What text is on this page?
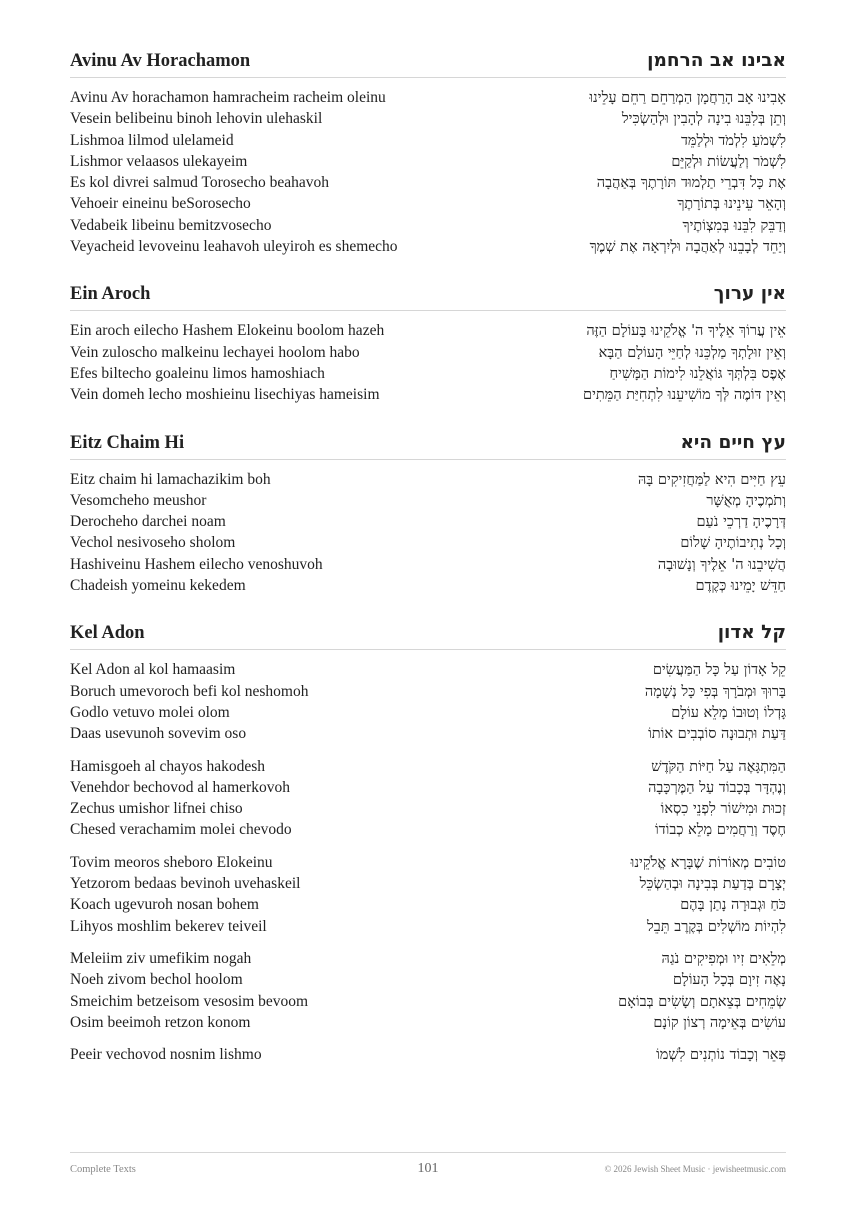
Avinu Av Horachamon	אבינו אב הרחמן
Avinu Av horachamon hamracheim racheim oleinu	אָבִינוּ אָב הָרַחֲמָן הַמְרַחֵם רַחֵם עָלֵינוּ
Vesein belibeinu binoh lehovin ulehaskil	וְתֵן בְּלִבֵּנוּ בִינָה לְהָבִין וּלְהַשְׂכִּיל
Lishmoa lilmod ulelameid	לִשְׁמֹעַ לִלְמֹד וּלְלַמֵּד
Lishmor velaasos ulekayeim	לִשְׁמֹר וְלַעֲשׂוֹת וּלְקַיֵּם
Es kol divrei salmud Torosecho beahavoh	אֶת כָּל דִּבְרֵי תַלְמוּד תּוֹרָתֶךָ בְּאַהֲבָה
Vehoeir eineinu beSorosecho	וְהָאֵר עֵינֵינוּ בְּתוֹרָתֶךָ
Vedabeik libeinu bemitzvosecho	וְדַבֵּק לִבֵּנוּ בְּמִצְוֹתֶיךָ
Veyacheid levoveinu leahavoh uleyiroh es shemecho	וְיַחֵד לְבָבֵנוּ לְאַהֲבָה וּלְיִרְאָה אֶת שְׁמֶךָ
Ein Aroch	אין ערוך
Ein aroch eilecho Hashem Elokeinu boolom hazeh	אֵין עֲרוֹךְ אֵלֶיךָ ה' אֱלֹקֵינוּ בָּעוֹלָם הַזֶּה
Vein zuloscho malkeinu lechayei hoolom habo	וְאֵין זוּלָתְךָ מַלְכֵּנוּ לְחַיֵּי הָעוֹלָם הַבָּא
Efes biltecho goaleinu limos hamoshiach	אֶפֶס בִּלְתְּךָ גּוֹאֲלֵנוּ לִימוֹת הַמָּשִׁיחַ
Vein domeh lecho moshieinu lisechiyas hameisim	וְאֵין דּוֹמֶה לְּךָ מוֹשִׁיעֵנוּ לִתְחִיַּת הַמֵּתִים
Eitz Chaim Hi	עץ חיים היא
Eitz chaim hi lamachazikim boh	עֵץ חַיִּים הִיא לַמַּחֲזִיקִים בָּהּ
Vesomcheho meushor	וְתֹמְכֶיהָ מְאֻשָּׁר
Derocheho darchei noam	דְּרָכֶיהָ דַרְכֵי נֹעַם
Vechol nesivoseho sholom	וְכָל נְתִיבוֹתֶיהָ שָׁלוֹם
Hashiveinu Hashem eilecho venoshuvoh	הֲשִׁיבֵנוּ ה' אֵלֶיךָ וְנָשׁוּבָה
Chadeish yomeinu kekedem	חַדֵּשׁ יָמֵינוּ כְּקֶדֶם
Kel Adon	קל אדון
Kel Adon al kol hamaasim	קֵל אָדוֹן עַל כָּל הַמַּעֲשִׂים
Boruch umevoroch befi kol neshomoh	בָּרוּךְ וּמְבֹרָךְ בְּפִי כָּל נְשָׁמָה
Godlo vetuvo molei olom	גָּדְלוֹ וְטוּבוֹ מָלֵא עוֹלָם
Daas usevunoh sovevim oso	דַּעַת וּתְבוּנָה סוֹבְבִים אוֹתוֹ
Hamisgoeh al chayos hakodesh	הַמִּתְגָּאֶה עַל חַיּוֹת הַקֹּדֶשׁ
Venehdor bechovod al hamerkovoh	וְנֶהְדָּר בְּכָבוֹד עַל הַמֶּרְכָּבָה
Zechus umishor lifnei chiso	זְכוּת וּמִישׁוֹר לִפְנֵי כִסְאוֹ
Chesed verachamim molei chevodo	חֶסֶד וְרַחֲמִים מָלֵא כְבוֹדוֹ
Tovim meoros sheboro Elokeinu	טוֹבִים מְאוֹרוֹת שֶׁבָּרָא אֱלֹקֵינוּ
Yetzorom bedaas bevinoh uvehaskeil	יְצָרָם בְּדַעַת בְּבִינָה וּבְהַשְׂכֵּל
Koach ugevuroh nosan bohem	כֹּחַ וּגְבוּרָה נָתַן בָּהֶם
Lihyos moshlim bekerev teiveil	לִהְיוֹת מוֹשְׁלִים בְּקֶרֶב תֵּבֵל
Meleiim ziv umefikim nogah	מְלֵאִים זִיו וּמְפִיקִים נֹגַהּ
Noeh zivom bechol hoolom	נָאֶה זִיוָם בְּכָל הָעוֹלָם
Smeichim betzeisom vesosim bevoom	שְׂמֵחִים בְּצֵאתָם וְשָׂשִׂים בְּבוֹאָם
Osim beeimoh retzon konom	עוֹשִׂים בְּאֵימָה רְצוֹן קוֹנָם
Peeir vechovod nosnim lishmo	פְּאֵר וְכָבוֹד נוֹתְנִים לִשְׁמוֹ
Complete Texts	101	© 2026 Jewish Sheet Music · jewisheetmusic.com
